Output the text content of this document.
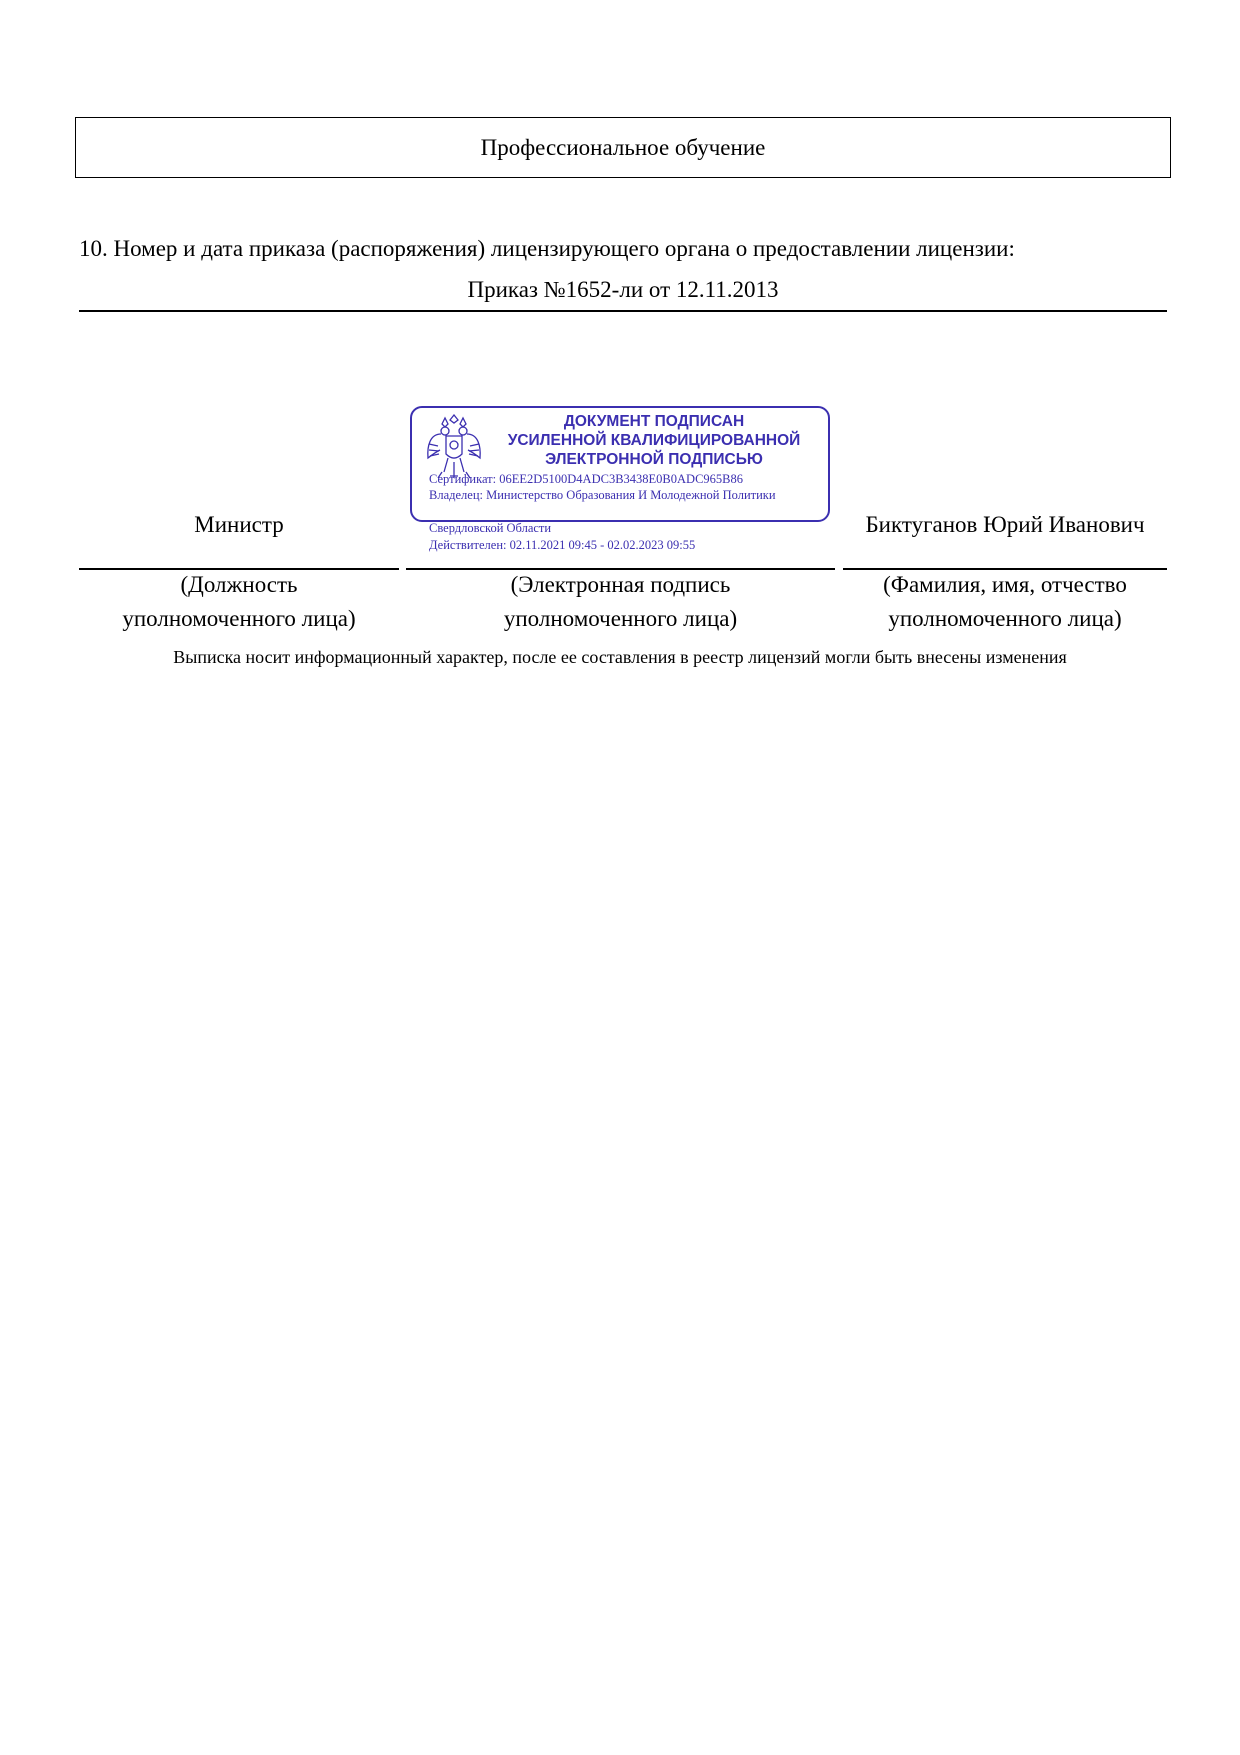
Профессиональное обучение
10. Номер и дата приказа (распоряжения) лицензирующего органа о предоставлении лицензии:
Приказ №1652-ли от 12.11.2013
Министр	Биктуганов Юрий Иванович
ДОКУМЕНТ ПОДПИСАН
УСИЛЕННОЙ КВАЛИФИЦИРОВАННОЙ
ЭЛЕКТРОННОЙ ПОДПИСЬЮ
Сертификат: 06EE2D5100D4ADC3B3438E0B0ADC965B86
Владелец: Министерство Образования И Молодежной Политики
Свердловской Области
Действителен: 02.11.2021 09:45 - 02.02.2023 09:55
(Должность
уполномоченного лица)
(Электронная подпись
уполномоченного лица)
(Фамилия, имя, отчество
уполномоченного лица)
Выписка носит информационный характер, после ее составления в реестр лицензий могли быть внесены изменения
